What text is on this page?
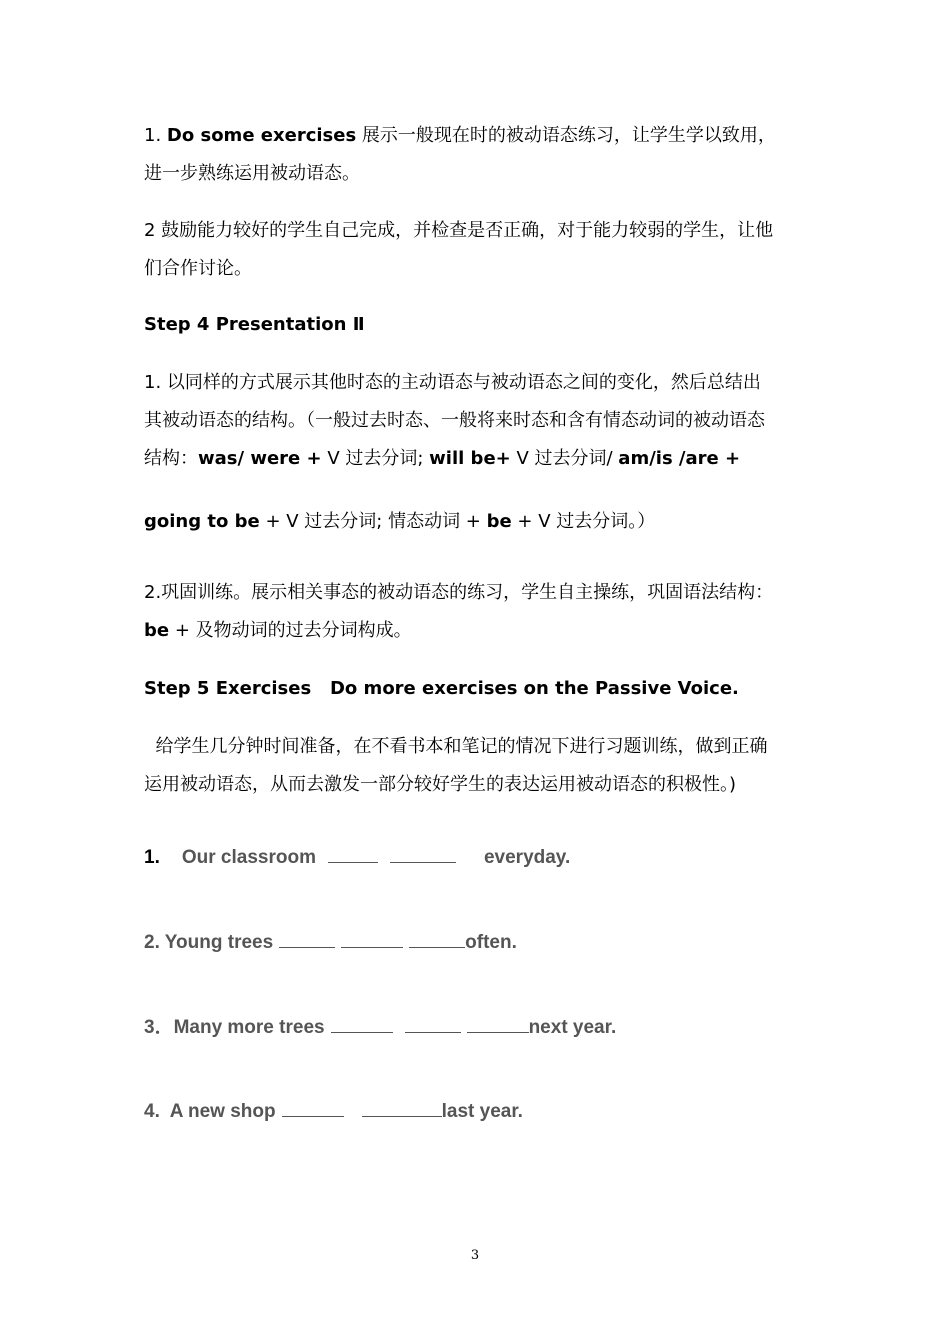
1. Do some exercises 展示一般现在时的被动语态练习，让学生学以致用，
进一步熟练运用被动语态。
2 鼓励能力较好的学生自己完成，并检查是否正确，对于能力较弱的学生，让他
们合作讨论。
Step 4 Presentation Ⅱ
1. 以同样的方式展示其他时态的主动语态与被动语态之间的变化，然后总结出
其被动语态的结构。（一般过去时态、一般将来时态和含有情态动词的被动语态
结构：was/ were + V 过去分词; will be+ V 过去分词/ am/is /are +
going to be + V 过去分词; 情态动词 + be + V 过去分词。）
2.巩固训练。展示相关事态的被动语态的练习，学生自主操练，巩固语法结构：
be + 及物动词的过去分词构成。
Step 5 Exercises   Do more exercises on the Passive Voice.
给学生几分钟时间准备，在不看书本和笔记的情况下进行习题训练，做到正确
运用被动语态，从而去激发一部分较好学生的表达运用被动语态的积极性。)
1. Our classroom	everyday.
2. Young trees	often.
3．Many more trees	next year.
4.  A new shop	last year.
3
